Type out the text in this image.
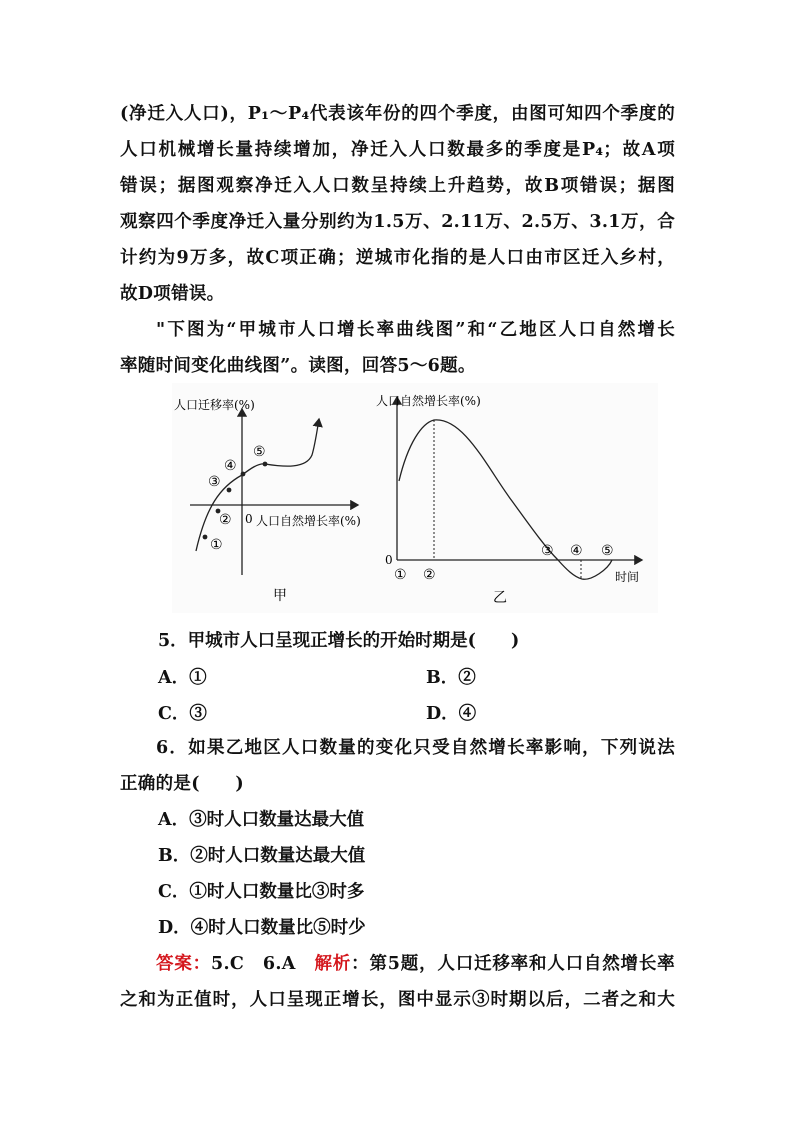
(净迁入人口)，P₁～P₄代表该年份的四个季度，由图可知四个季度的
人口机械增长量持续增加，净迁入人口数最多的季度是P₄；故A项
错误；据图观察净迁入人口数呈持续上升趋势，故B项错误；据图
观察四个季度净迁入量分别约为1.5万、2.11万、2.5万、3.1万，合
计约为9万多，故C项正确；逆城市化指的是人口由市区迁入乡村，
故D项错误。
"下图为“甲城市人口增长率曲线图”和“乙地区人口自然增长
率随时间变化曲线图”。读图，回答5～6题。
人口迁移率(%)
人口自然增长率(%)
0
①
②
③
④
⑤
甲
人口自然增长率(%)
时间
0
① ②
③ ④ ⑤
乙
5．甲城市人口呈现正增长的开始时期是(　　)
A．①	B．②
C．③	D．④
6．如果乙地区人口数量的变化只受自然增长率影响，下列说法
正确的是(　　)
A．③时人口数量达最大值
B．②时人口数量达最大值
C．①时人口数量比③时多
D．④时人口数量比⑤时少
答案：5.C　6.A　解析：第5题，人口迁移率和人口自然增长率
之和为正值时，人口呈现正增长，图中显示③时期以后，二者之和大
